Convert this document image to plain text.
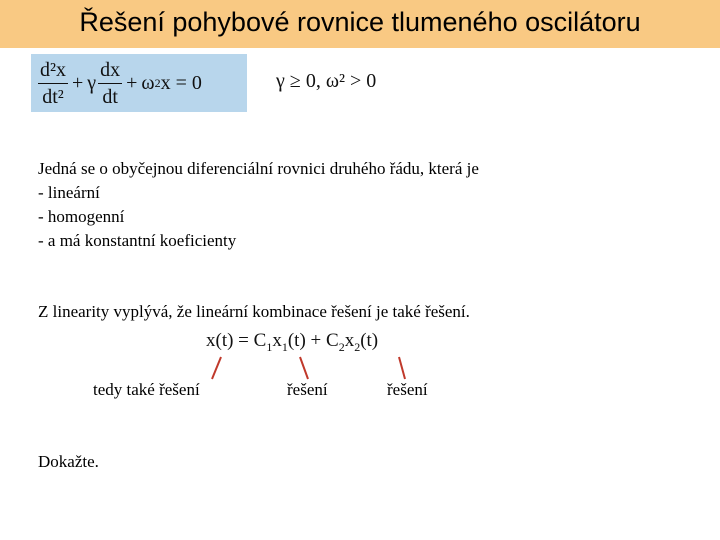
Řešení pohybové rovnice tlumeného oscilátoru
$\frac{\text{d²x}}{\text{dt²}} + \gamma \frac{dx}{dt} + \omega$ 2 x = 0	γ ≥ 0, ω² > 0
Jedná se o obyčejnou diferenciální rovnici druhého řádu, která je
- lineární
- homogenní
- a má konstantní koeficienty
Z linearity vyplývá, že lineární kombinace řešení je také řešení.
$x(t) = C_1x_1(t) + C_2x_2(t)$
tedy také řešení	řešení	řešení
Dokažte.
